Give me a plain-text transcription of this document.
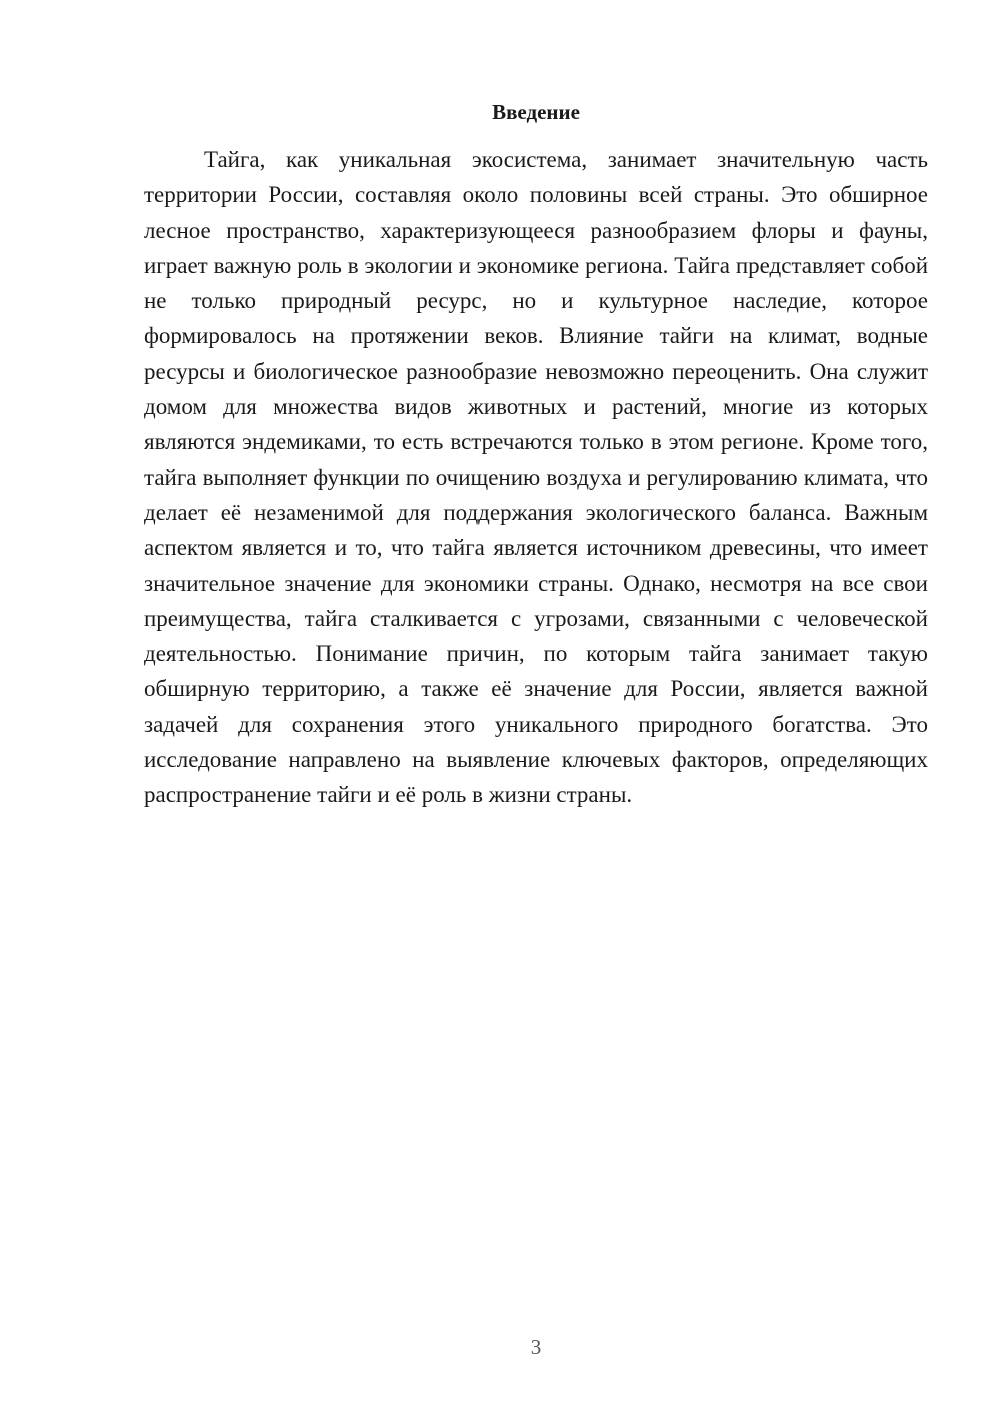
Введение

Тайга, как уникальная экосистема, занимает значительную часть территории России, составляя около половины всей страны. Это обширное лесное пространство, характеризующееся разнообразием флоры и фауны, играет важную роль в экологии и экономике региона. Тайга представляет собой не только природный ресурс, но и культурное наследие, которое формировалось на протяжении веков. Влияние тайги на климат, водные ресурсы и биологическое разнообразие невозможно переоценить. Она служит домом для множества видов животных и растений, многие из которых являются эндемиками, то есть встречаются только в этом регионе. Кроме того, тайга выполняет функции по очищению воздуха и регулированию климата, что делает её незаменимой для поддержания экологического баланса. Важным аспектом является и то, что тайга является источником древесины, что имеет значительное значение для экономики страны. Однако, несмотря на все свои преимущества, тайга сталкивается с угрозами, связанными с человеческой деятельностью. Понимание причин, по которым тайга занимает такую обширную территорию, а также её значение для России, является важной задачей для сохранения этого уникального природного богатства. Это исследование направлено на выявление ключевых факторов, определяющих распространение тайги и её роль в жизни страны.

3
